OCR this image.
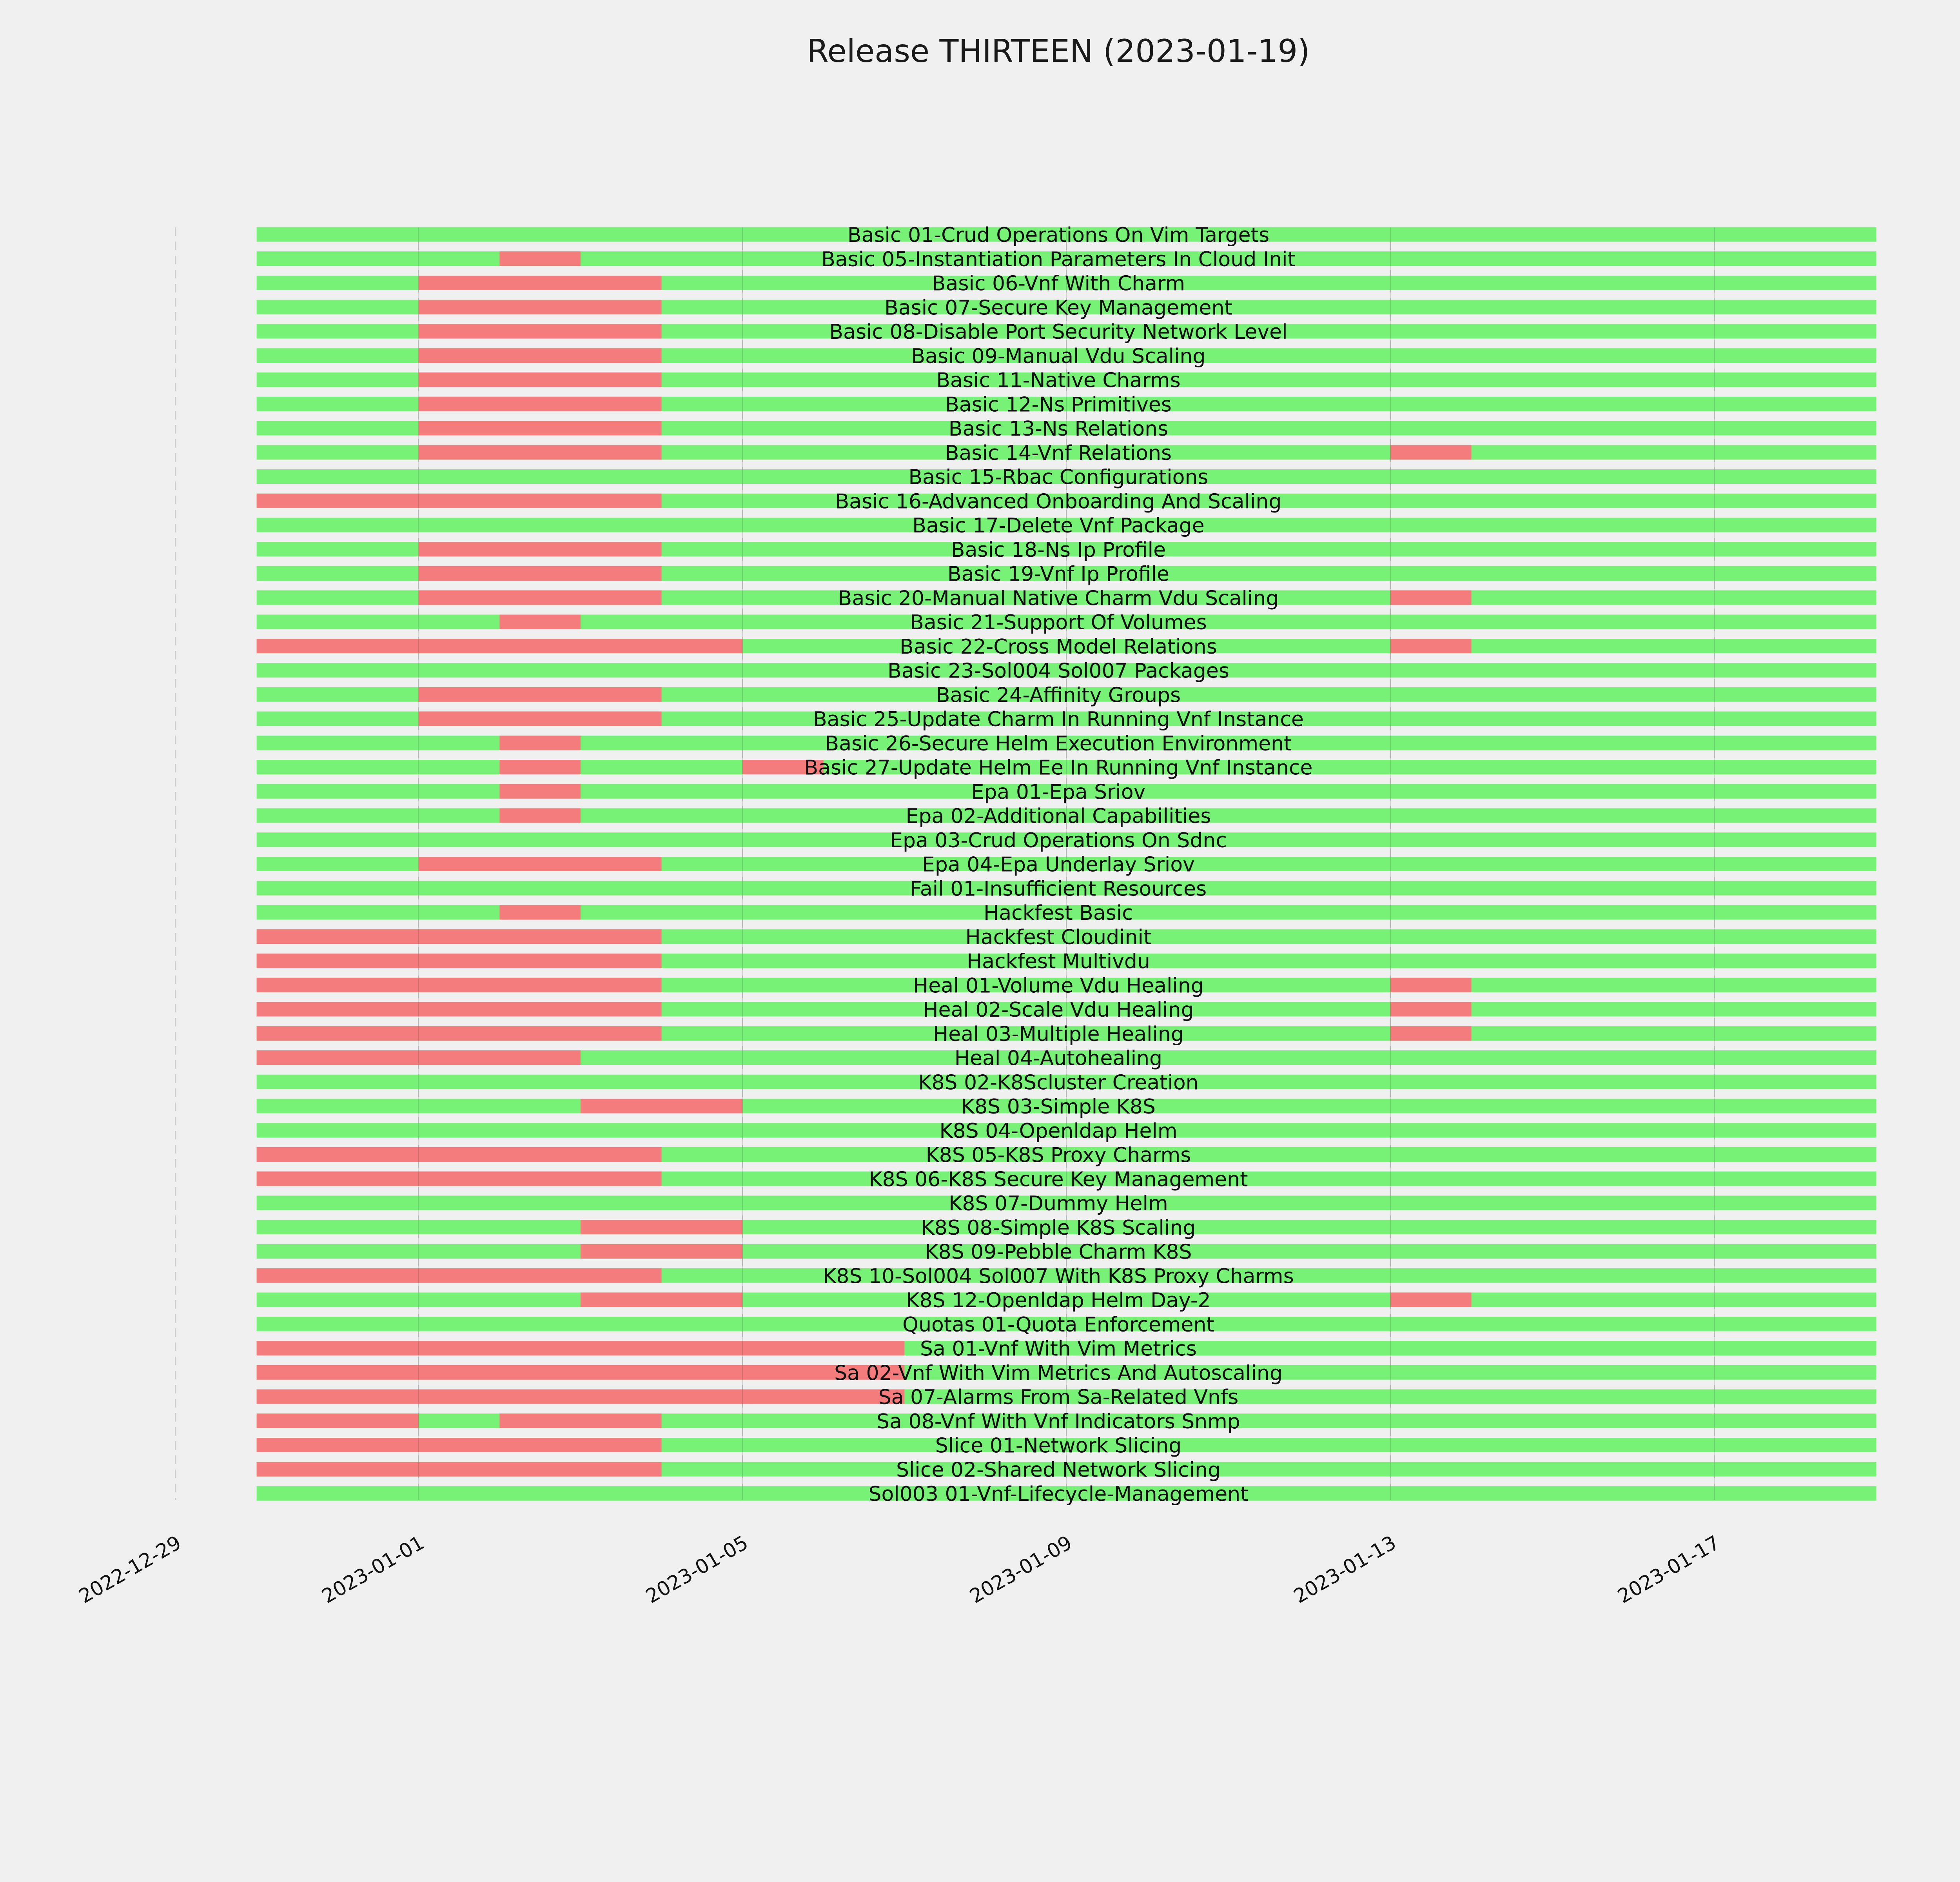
Release THIRTEEN (2023-01-19)
Basic 01-Crud Operations On Vim Targets
Basic 05-Instantiation Parameters In Cloud Init
Basic 06-Vnf With Charm
Basic 07-Secure Key Management
Basic 08-Disable Port Security Network Level
Basic 09-Manual Vdu Scaling
Basic 11-Native Charms
Basic 12-Ns Primitives
Basic 13-Ns Relations
Basic 14-Vnf Relations
Basic 15-Rbac Configurations
Basic 16-Advanced Onboarding And Scaling
Basic 17-Delete Vnf Package
Basic 18-Ns Ip Profile
Basic 19-Vnf Ip Profile
Basic 20-Manual Native Charm Vdu Scaling
Basic 21-Support Of Volumes
Basic 22-Cross Model Relations
Basic 23-Sol004 Sol007 Packages
Basic 24-Affinity Groups
Basic 25-Update Charm In Running Vnf Instance
Basic 26-Secure Helm Execution Environment
Basic 27-Update Helm Ee In Running Vnf Instance
Epa 01-Epa Sriov
Epa 02-Additional Capabilities
Epa 03-Crud Operations On Sdnc
Epa 04-Epa Underlay Sriov
Fail 01-Insufficient Resources
Hackfest Basic
Hackfest Cloudinit
Hackfest Multivdu
Heal 01-Volume Vdu Healing
Heal 02-Scale Vdu Healing
Heal 03-Multiple Healing
Heal 04-Autohealing
K8S 02-K8Scluster Creation
K8S 03-Simple K8S
K8S 04-Openldap Helm
K8S 05-K8S Proxy Charms
K8S 06-K8S Secure Key Management
K8S 07-Dummy Helm
K8S 08-Simple K8S Scaling
K8S 09-Pebble Charm K8S
K8S 10-Sol004 Sol007 With K8S Proxy Charms
K8S 12-Openldap Helm Day-2
Quotas 01-Quota Enforcement
Sa 01-Vnf With Vim Metrics
Sa 02-Vnf With Vim Metrics And Autoscaling
Sa 07-Alarms From Sa-Related Vnfs
Sa 08-Vnf With Vnf Indicators Snmp
Slice 01-Network Slicing
Slice 02-Shared Network Slicing
Sol003 01-Vnf-Lifecycle-Management
2022-12-29	2023-01-01	2023-01-05	2023-01-09	2023-01-13	2023-01-17
